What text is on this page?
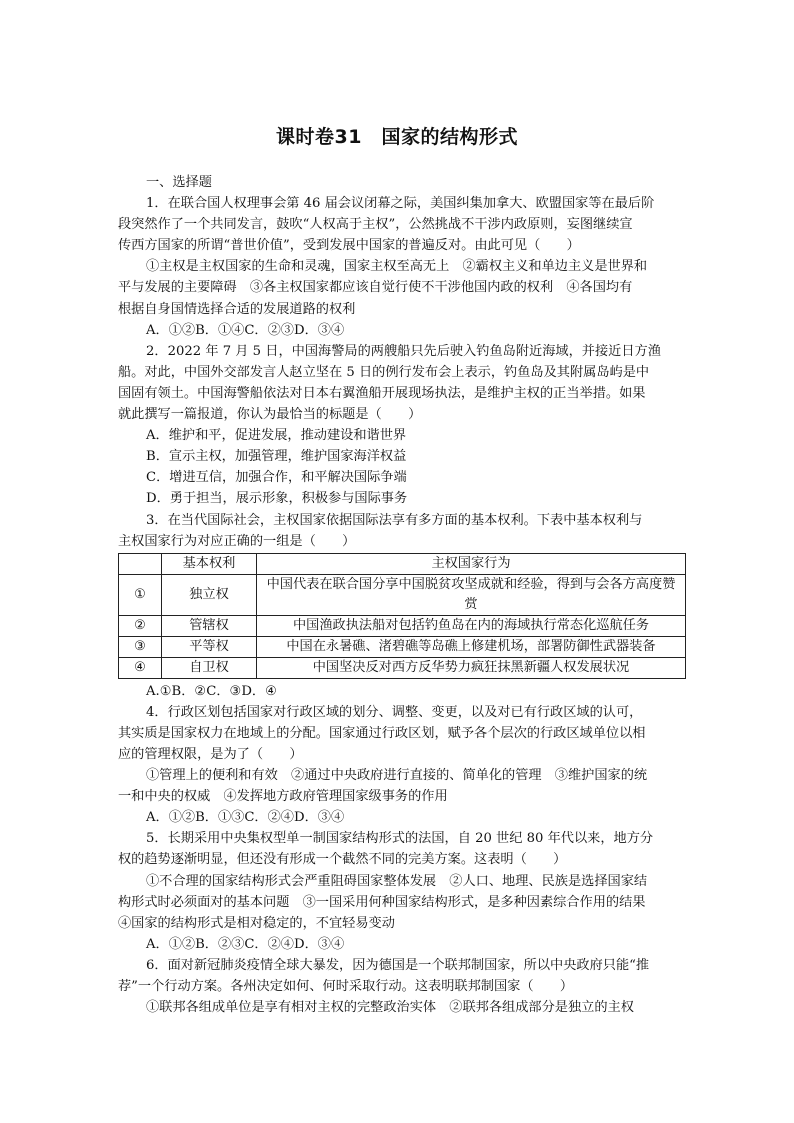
课时卷31　国家的结构形式
一、选择题
1．在联合国人权理事会第 46 届会议闭幕之际，美国纠集加拿大、欧盟国家等在最后阶
段突然作了一个共同发言，鼓吹“人权高于主权”，公然挑战不干涉内政原则，妄图继续宣
传西方国家的所谓“普世价值”，受到发展中国家的普遍反对。由此可见（　　）
①主权是主权国家的生命和灵魂，国家主权至高无上　②霸权主义和单边主义是世界和
平与发展的主要障碍　③各主权国家都应该自觉行使不干涉他国内政的权利　④各国均有
根据自身国情选择合适的发展道路的权利
A．①②B．①④C．②③D．③④
2．2022 年 7 月 5 日，中国海警局的两艘船只先后驶入钓鱼岛附近海域，并接近日方渔
船。对此，中国外交部发言人赵立坚在 5 日的例行发布会上表示，钓鱼岛及其附属岛屿是中
国固有领土。中国海警船依法对日本右翼渔船开展现场执法，是维护主权的正当举措。如果
就此撰写一篇报道，你认为最恰当的标题是（　　）
A．维护和平，促进发展，推动建设和谐世界
B．宣示主权，加强管理，维护国家海洋权益
C．增进互信，加强合作，和平解决国际争端
D．勇于担当，展示形象，积极参与国际事务
3．在当代国际社会，主权国家依据国际法享有多方面的基本权利。下表中基本权利与
主权国家行为对应正确的一组是（　　）
	基本权利	主权国家行为
①	独立权	中国代表在联合国分享中国脱贫攻坚成就和经验，得到与会各方高度赞
赏

②	管辖权	中国渔政执法船对包括钓鱼岛在内的海域执行常态化巡航任务
③	平等权	中国在永暑礁、渚碧礁等岛礁上修建机场，部署防御性武器装备
④	自卫权	中国坚决反对西方反华势力疯狂抹黑新疆人权发展状况
A.①B．②C．③D．④
4．行政区划包括国家对行政区域的划分、调整、变更，以及对已有行政区域的认可，
其实质是国家权力在地域上的分配。国家通过行政区划，赋予各个层次的行政区域单位以相
应的管理权限，是为了（　　）
①管理上的便利和有效　②通过中央政府进行直接的、简单化的管理　③维护国家的统
一和中央的权威　④发挥地方政府管理国家级事务的作用
A．①②B．①③C．②④D．③④
5．长期采用中央集权型单一制国家结构形式的法国，自 20 世纪 80 年代以来，地方分
权的趋势逐渐明显，但还没有形成一个截然不同的完美方案。这表明（　　）
①不合理的国家结构形式会严重阻碍国家整体发展　②人口、地理、民族是选择国家结
构形式时必须面对的基本问题　③一国采用何种国家结构形式，是多种因素综合作用的结果
④国家的结构形式是相对稳定的，不宜轻易变动
A．①②B．②③C．②④D．③④
6．面对新冠肺炎疫情全球大暴发，因为德国是一个联邦制国家，所以中央政府只能“推
荐”一个行动方案。各州决定如何、何时采取行动。这表明联邦制国家（　　）
①联邦各组成单位是享有相对主权的完整政治实体　②联邦各组成部分是独立的主权
